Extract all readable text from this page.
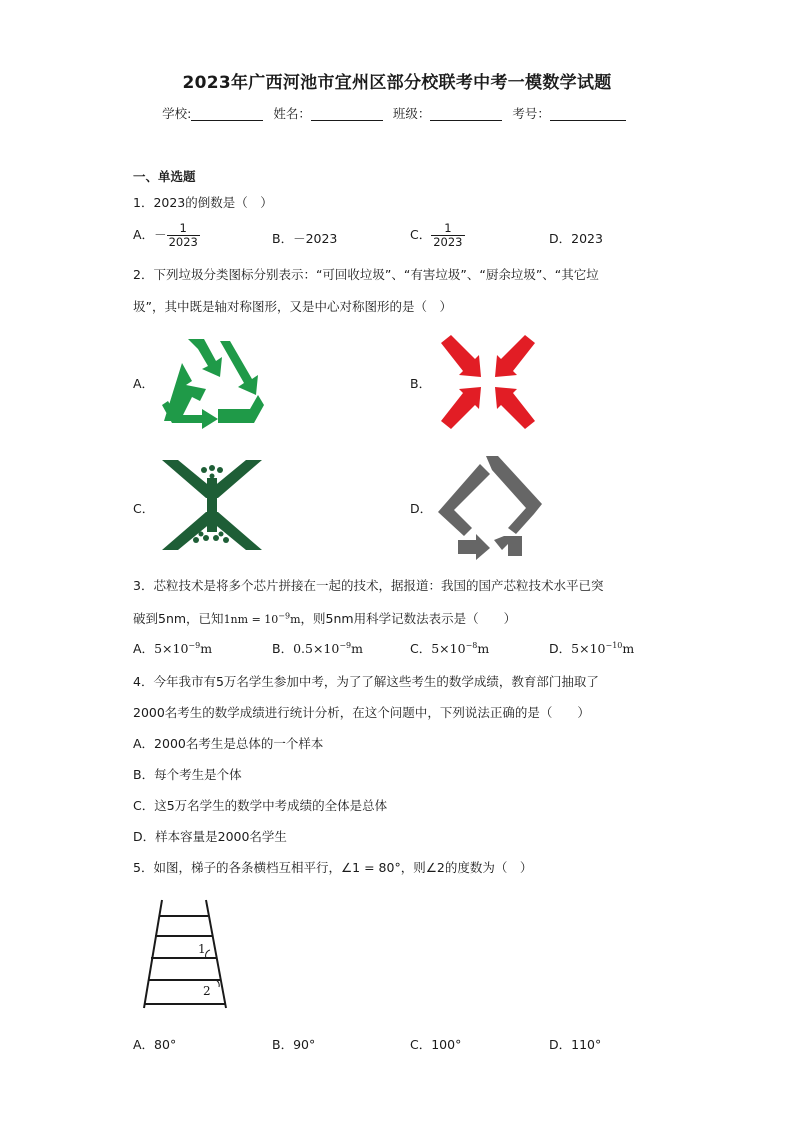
2023年广西河池市宜州区部分校联考中考一模数学试题
学校:	姓名：	班级：	考号：
一、单选题
1．2023的倒数是（　）
A．－ $\frac{1}{2023}$	B．－2023	C． $\frac{1}{2023}$	D．2023
2．下列垃圾分类图标分别表示：“可回收垃圾”、“有害垃圾”、“厨余垃圾”、“其它垃
圾”，其中既是轴对称图形，又是中心对称图形的是（　）
A．	B．
C．	D．
3．芯粒技术是将多个芯片拼接在一起的技术，据报道：我国的国产芯粒技术水平已突
破到5nm，已知$1nm = 10^{-9}m$，则5nm用科学记数法表示是（　　）
A．$5\times 10^{-9}m$	B．$0.5\times 10^{-9}m$	C．$5\times 10^{-8}m$	D．$5\times 10^{-10}m$
4．今年我市有5万名学生参加中考，为了了解这些考生的数学成绩，教育部门抽取了
2000名考生的数学成绩进行统计分析，在这个问题中，下列说法正确的是（　　）
A．2000名考生是总体的一个样本
B．每个考生是个体
C．这5万名学生的数学中考成绩的全体是总体
D．样本容量是2000名学生
5．如图，梯子的各条横档互相平行，∠1 = 80°，则∠2的度数为（　）
1
2
A．80°	B．90°	C．100°	D．110°
